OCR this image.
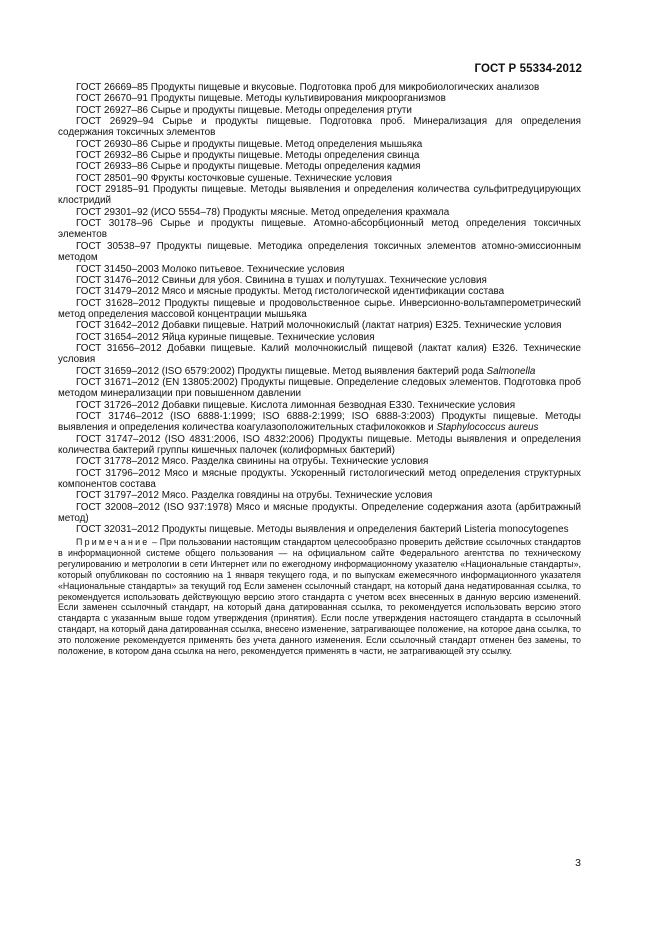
ГОСТ Р 55334-2012

ГОСТ 26669–85 Продукты пищевые и вкусовые. Подготовка проб для микробиологических анализов

ГОСТ 26670–91 Продукты пищевые. Методы культивирования микроорганизмов

ГОСТ 26927–86 Сырье и продукты пищевые. Методы определения ртути

ГОСТ 26929–94 Сырье и продукты пищевые. Подготовка проб. Минерализация для определения содержания токсичных элементов

ГОСТ 26930–86 Сырье и продукты пищевые. Метод определения мышьяка

ГОСТ 26932–86 Сырье и продукты пищевые. Методы определения свинца

ГОСТ 26933–86 Сырье и продукты пищевые. Методы определения кадмия

ГОСТ 28501–90 Фрукты косточковые сушеные. Технические условия

ГОСТ 29185–91 Продукты пищевые. Методы выявления и определения количества сульфитредуцирующих клостридий

ГОСТ 29301–92 (ИСО 5554–78) Продукты мясные. Метод определения крахмала

ГОСТ 30178–96 Сырье и продукты пищевые. Атомно-абсорбционный метод определения токсичных элементов

ГОСТ 30538–97 Продукты пищевые. Методика определения токсичных элементов атомно-эмиссионным методом

ГОСТ 31450–2003 Молоко питьевое. Технические условия

ГОСТ 31476–2012 Свиньи для убоя. Свинина в тушах и полутушах. Технические условия

ГОСТ 31479–2012 Мясо и мясные продукты. Метод гистологической идентификации состава

ГОСТ 31628–2012 Продукты пищевые и продовольственное сырье. Инверсионно-вольтамперометрический метод определения массовой концентрации мышьяка

ГОСТ 31642–2012 Добавки пищевые. Натрий молочнокислый (лактат натрия) Е325. Технические условия

ГОСТ 31654–2012 Яйца куриные пищевые. Технические условия

ГОСТ 31656–2012 Добавки пищевые. Калий молочнокислый пищевой (лактат калия) Е326. Технические условия

ГОСТ 31659–2012 (ISO 6579:2002) Продукты пищевые. Метод выявления бактерий рода Salmonella

ГОСТ 31671–2012 (EN 13805:2002) Продукты пищевые. Определение следовых элементов. Подготовка проб методом минерализации при повышенном давлении

ГОСТ 31726–2012 Добавки пищевые. Кислота лимонная безводная Е330. Технические условия

ГОСТ 31746–2012 (ISO 6888-1:1999; ISO 6888-2:1999; ISO 6888-3:2003) Продукты пищевые. Методы выявления и определения количества коагулазоположительных стафилококков и Staphylococcus aureus

ГОСТ 31747–2012 (ISO 4831:2006, ISO 4832:2006) Продукты пищевые. Методы выявления и определения количества бактерий группы кишечных палочек (колиформных бактерий)

ГОСТ 31778–2012 Мясо. Разделка свинины на отрубы. Технические условия

ГОСТ 31796–2012 Мясо и мясные продукты. Ускоренный гистологический метод определения структурных компонентов состава

ГОСТ 31797–2012 Мясо. Разделка говядины на отрубы. Технические условия

ГОСТ 32008–2012 (ISO 937:1978) Мясо и мясные продукты. Определение содержания азота (арбитражный метод)

ГОСТ 32031–2012 Продукты пищевые. Методы выявления и определения бактерий Listeria monocytogenes

Примечание – При пользовании настоящим стандартом целесообразно проверить действие ссылочных стандартов в информационной системе общего пользования — на официальном сайте Федерального агентства по техническому регулированию и метрологии в сети Интернет или по ежегодному информационному указателю «Национальные стандарты», который опубликован по состоянию на 1 января текущего года, и по выпускам ежемесячного информационного указателя «Национальные стандарты» за текущий год Если заменен ссылочный стандарт, на который дана недатированная ссылка, то рекомендуется использовать действующую версию этого стандарта с учетом всех внесенных в данную версию изменений. Если заменен ссылочный стандарт, на который дана датированная ссылка, то рекомендуется использовать версию этого стандарта с указанным выше годом утверждения (принятия). Если после утверждения настоящего стандарта в ссылочный стандарт, на который дана датированная ссылка, внесено изменение, затрагивающее положение, на которое дана ссылка, то это положение рекомендуется применять без учета данного изменения. Если ссылочный стандарт отменен без замены, то положение, в котором дана ссылка на него, рекомендуется применять в части, не затрагивающей эту ссылку.

3
